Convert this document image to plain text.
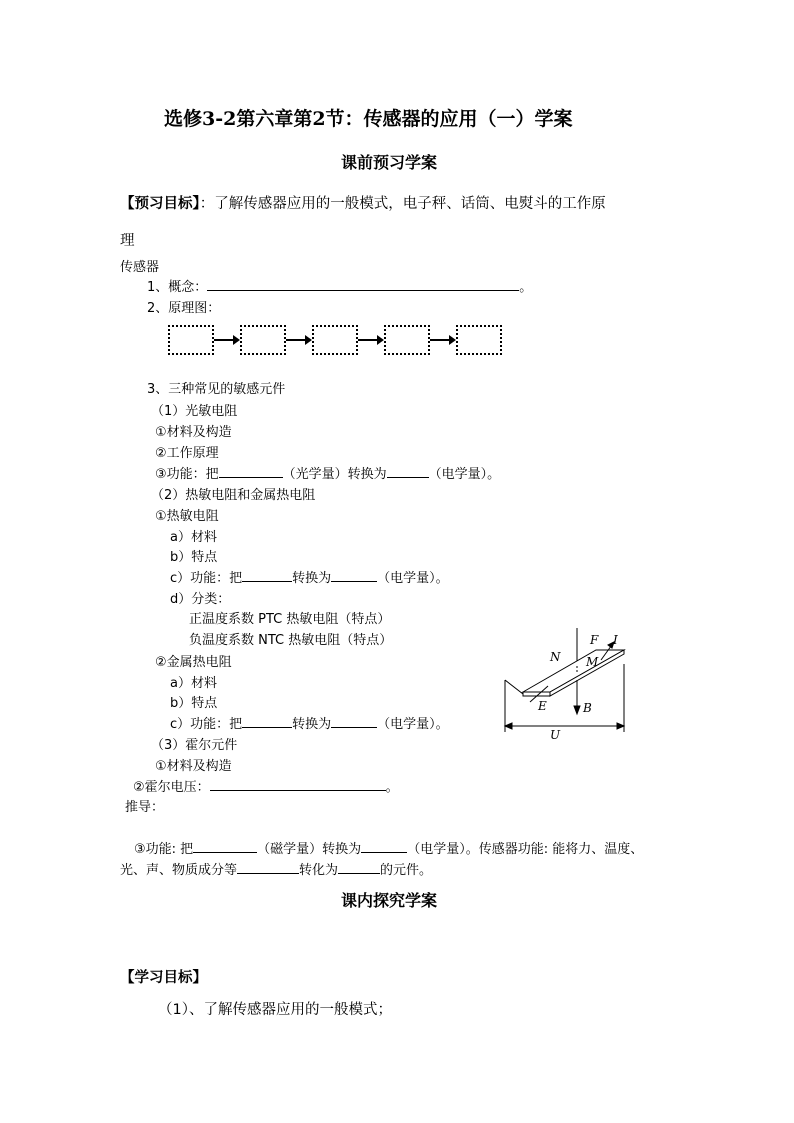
选修3-2第六章第2节：传感器的应用（一）学案
课前预习学案
【预习目标】：了解传感器应用的一般模式，电子秤、话筒、电熨斗的工作原
理
传感器
1、概念：	。
2、原理图：
3、三种常见的敏感元件
（1）光敏电阻
①材料及构造
②工作原理
③功能：把	（光学量）转换为	（电学量）。
（2）热敏电阻和金属热电阻
①热敏电阻
a）材料
b）特点
c）功能：把	转换为	（电学量）。
d）分类：
正温度系数 PTC 热敏电阻（特点）
负温度系数 NTC 热敏电阻（特点）
②金属热电阻
a）材料
b）特点
c）功能：把	转换为	（电学量）。
（3）霍尔元件
①材料及构造
②霍尔电压：	。
推导：
③功能: 把	（磁学量）转换为	（电学量）。传感器功能: 能将力、温度、
光、声、物质成分等	转化为	的元件。
课内探究学案
【学习目标】
（1）、了解传感器应用的一般模式；
F I
N M
E	B
U
